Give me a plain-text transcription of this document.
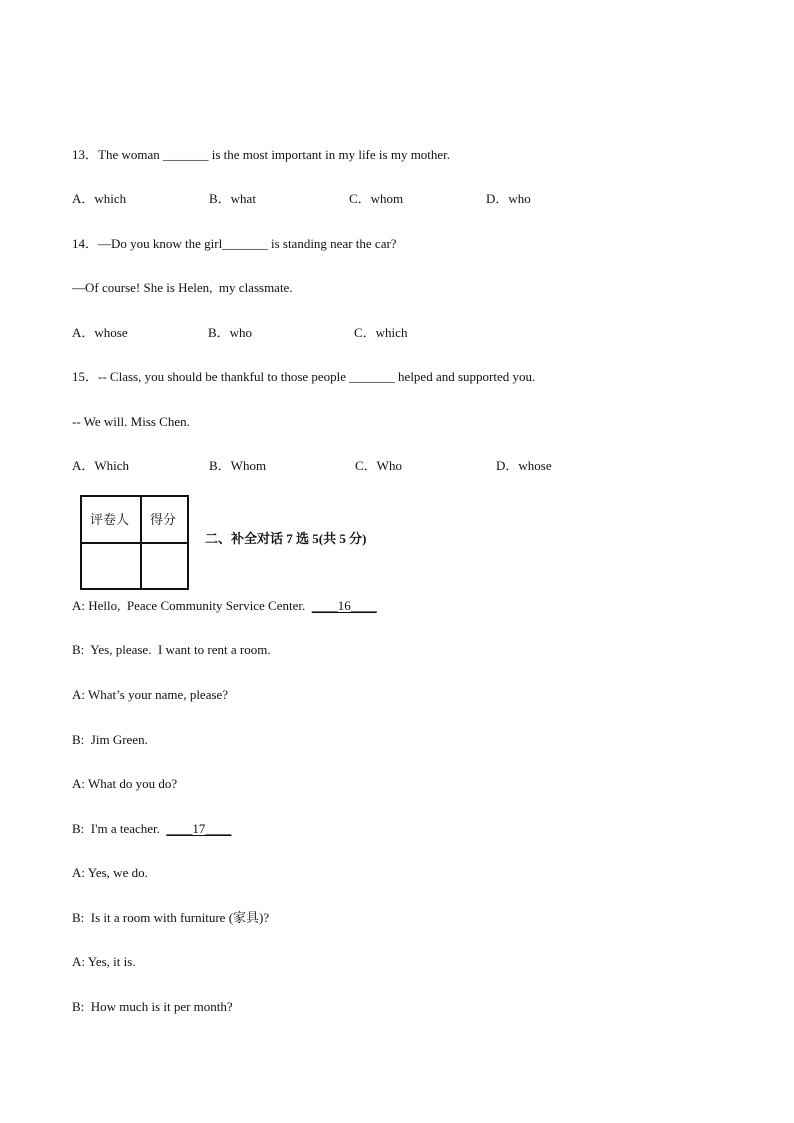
13．The woman _______ is the most important in my life is my mother.
A．which	B．what	C．whom	D．who
14．—Do you know the girl_______ is standing near the car?
—Of course! She is Helen,  my classmate.
A．whose	B．who	C．which
15．-- Class, you should be thankful to those people _______ helped and supported you.
-- We will. Miss Chen.
A．Which	B．Whom	C．Who	D．whose
评卷人 得分
二、补全对话 7 选 5(共 5 分)
A: Hello,  Peace Community Service Center.  ____16____
B:  Yes, please.  I want to rent a room.
A: What’s your name, please?
B:  Jim Green.
A: What do you do?
B:  I'm a teacher.  ____17____
A: Yes, we do.
B:  Is it a room with furniture (家具)?
A: Yes, it is.
B:  How much is it per month?
